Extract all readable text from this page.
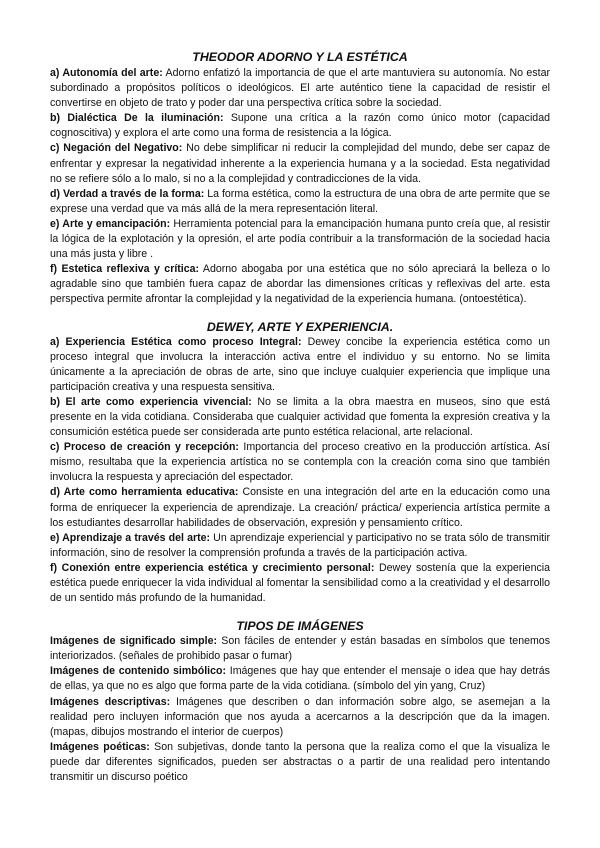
THEODOR ADORNO Y LA ESTÉTICA

a) Autonomía del arte: Adorno enfatizó la importancia de que el arte mantuviera su autonomía. No estar subordinado a propósitos políticos o ideológicos. El arte auténtico tiene la capacidad de resistir el convertirse en objeto de trato y poder dar una perspectiva crítica sobre la sociedad.

b) Dialéctica De la iluminación: Supone una crítica a la razón como único motor (capacidad cognoscitiva) y explora el arte como una forma de resistencia a la lógica.

c) Negación del Negativo: No debe simplificar ni reducir la complejidad del mundo, debe ser capaz de enfrentar y expresar la negatividad inherente a la experiencia humana y a la sociedad. Esta negatividad no se refiere sólo a lo malo, si no a la complejidad y contradicciones de la vida.

d) Verdad a través de la forma: La forma estética, como la estructura de una obra de arte permite que se exprese una verdad que va más allá de la mera representación literal.

e) Arte y emancipación: Herramienta potencial para la emancipación humana punto creía que, al resistir la lógica de la explotación y la opresión, el arte podía contribuir a la transformación de la sociedad hacia una más justa y libre .

f) Estetica reflexiva y crítica: Adorno abogaba por una estética que no sólo apreciará la belleza o lo agradable sino que también fuera capaz de abordar las dimensiones críticas y reflexivas del arte. esta perspectiva permite afrontar la complejidad y la negatividad de la experiencia humana. (ontoestética).

DEWEY, ARTE Y EXPERIENCIA.

a) Experiencia Estética como proceso Integral: Dewey concibe la experiencia estética como un proceso integral que involucra la interacción activa entre el individuo y su entorno. No se limita únicamente a la apreciación de obras de arte, sino que incluye cualquier experiencia que implique una participación creativa y una respuesta sensitiva.

b) El arte como experiencia vivencial: No se limita a la obra maestra en museos, sino que está presente en la vida cotidiana. Consideraba que cualquier actividad que fomenta la expresión creativa y la consumición estética puede ser considerada arte punto estética relacional, arte relacional.

c) Proceso de creación y recepción: Importancia del proceso creativo en la producción artística. Así mismo, resultaba que la experiencia artística no se contempla con la creación coma sino que también involucra la respuesta y apreciación del espectador.

d) Arte como herramienta educativa: Consiste en una integración del arte en la educación como una forma de enriquecer la experiencia de aprendizaje. La creación/ práctica/ experiencia artística permite a los estudiantes desarrollar habilidades de observación, expresión y pensamiento crítico.

e) Aprendizaje a través del arte: Un aprendizaje experiencial y participativo no se trata sólo de transmitir información, sino de resolver la comprensión profunda a través de la participación activa.

f) Conexión entre experiencia estética y crecimiento personal: Dewey sostenía que la experiencia estética puede enriquecer la vida individual al fomentar la sensibilidad como a la creatividad y el desarrollo de un sentido más profundo de la humanidad.

TIPOS DE IMÁGENES

Imágenes de significado simple: Son fáciles de entender y están basadas en símbolos que tenemos interiorizados. (señales de prohibido pasar o fumar)

Imágenes de contenido simbólico: Imágenes que hay que entender el mensaje o idea que hay detrás de ellas, ya que no es algo que forma parte de la vida cotidiana. (símbolo del yin yang, Cruz)

Imágenes descriptivas: Imágenes que describen o dan información sobre algo, se asemejan a la realidad pero incluyen información que nos ayuda a acercarnos a la descripción que da la imagen. (mapas, dibujos mostrando el interior de cuerpos)

Imágenes poéticas: Son subjetivas, donde tanto la persona que la realiza como el que la visualiza le puede dar diferentes significados, pueden ser abstractas o a partir de una realidad pero intentando transmitir un discurso poético
